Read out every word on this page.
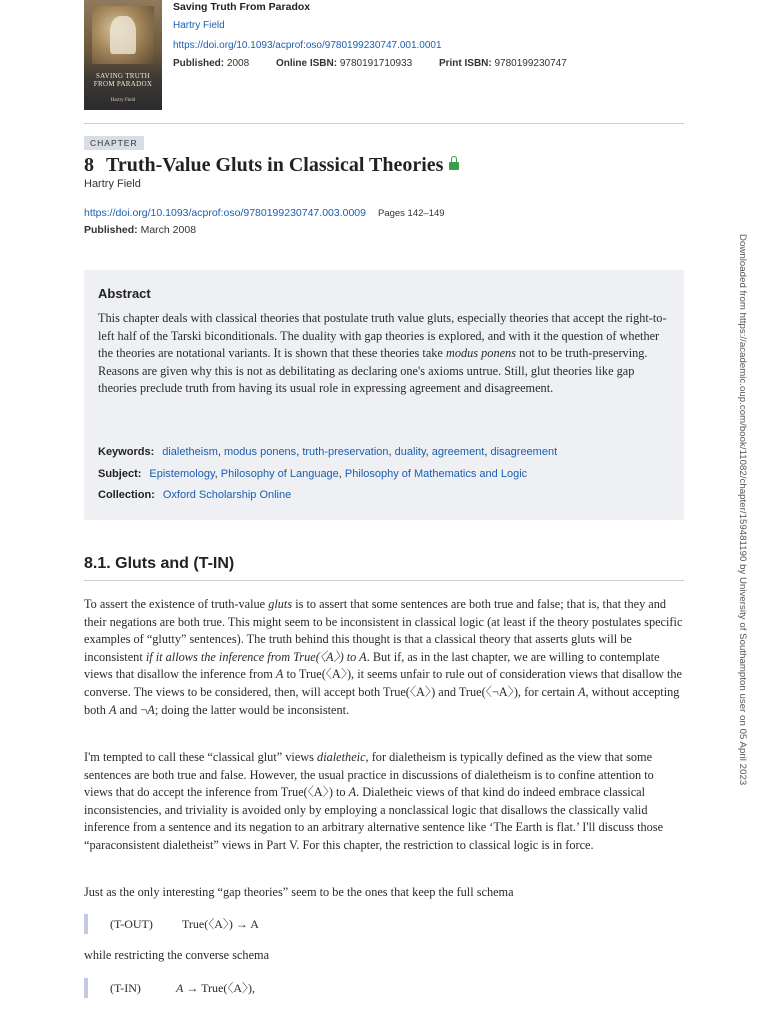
SAVING TRUTH FROM PARADOX
Hartry Field
Saving Truth From Paradox
Hartry Field
https://doi.org/10.1093/acprof:oso/9780199230747.001.0001
Published: 2008	Online ISBN: 9780191710933	Print ISBN: 9780199230747
CHAPTER
8 Truth-Value Gluts in Classical Theories
Hartry Field
https://doi.org/10.1093/acprof:oso/9780199230747.003.0009 Pages 142–149
Published: March 2008
Abstract
This chapter deals with classical theories that postulate truth value gluts, especially theories that accept the right-to-left half of the Tarski biconditionals. The duality with gap theories is explored, and with it the question of whether the theories are notational variants. It is shown that these theories take modus ponens not to be truth-preserving. Reasons are given why this is not as debilitating as declaring one's axioms untrue. Still, glut theories like gap theories preclude truth from having its usual role in expressing agreement and disagreement.
Keywords: dialetheism, modus ponens, truth-preservation, duality, agreement, disagreement
Subject: Epistemology, Philosophy of Language, Philosophy of Mathematics and Logic
Collection: Oxford Scholarship Online
8.1. Gluts and (T-IN)
To assert the existence of truth-value gluts is to assert that some sentences are both true and false; that is, that they and their negations are both true. This might seem to be inconsistent in classical logic (at least if the theory postulates specific examples of “glutty” sentences). The truth behind this thought is that a classical theory that asserts gluts will be inconsistent if it allows the inference from True(〈A〉) to A. But if, as in the last chapter, we are willing to contemplate views that disallow the inference from A to True(〈A〉), it seems unfair to rule out of consideration views that disallow the converse. The views to be considered, then, will accept both True(〈A〉) and True(〈¬A〉), for certain A, without accepting both A and ¬A; doing the latter would be inconsistent.
I'm tempted to call these “classical glut” views dialetheic, for dialetheism is typically defined as the view that some sentences are both true and false. However, the usual practice in discussions of dialetheism is to confine attention to views that do accept the inference from True(〈A〉) to A. Dialetheic views of that kind do indeed embrace classical inconsistencies, and triviality is avoided only by employing a nonclassical logic that disallows the classically valid inference from a sentence and its negation to an arbitrary alternative sentence like ‘The Earth is flat.’ I'll discuss those “paraconsistent dialetheist” views in Part V. For this chapter, the restriction to classical logic is in force.
Just as the only interesting “gap theories” seem to be the ones that keep the full schema
(T-OUT) True(〈A〉) → A
while restricting the converse schema
(T-IN)	A → True(〈A〉),
Downloaded from https://academic.oup.com/book/11082/chapter/159481190 by University of Southampton user on 05 April 2023
